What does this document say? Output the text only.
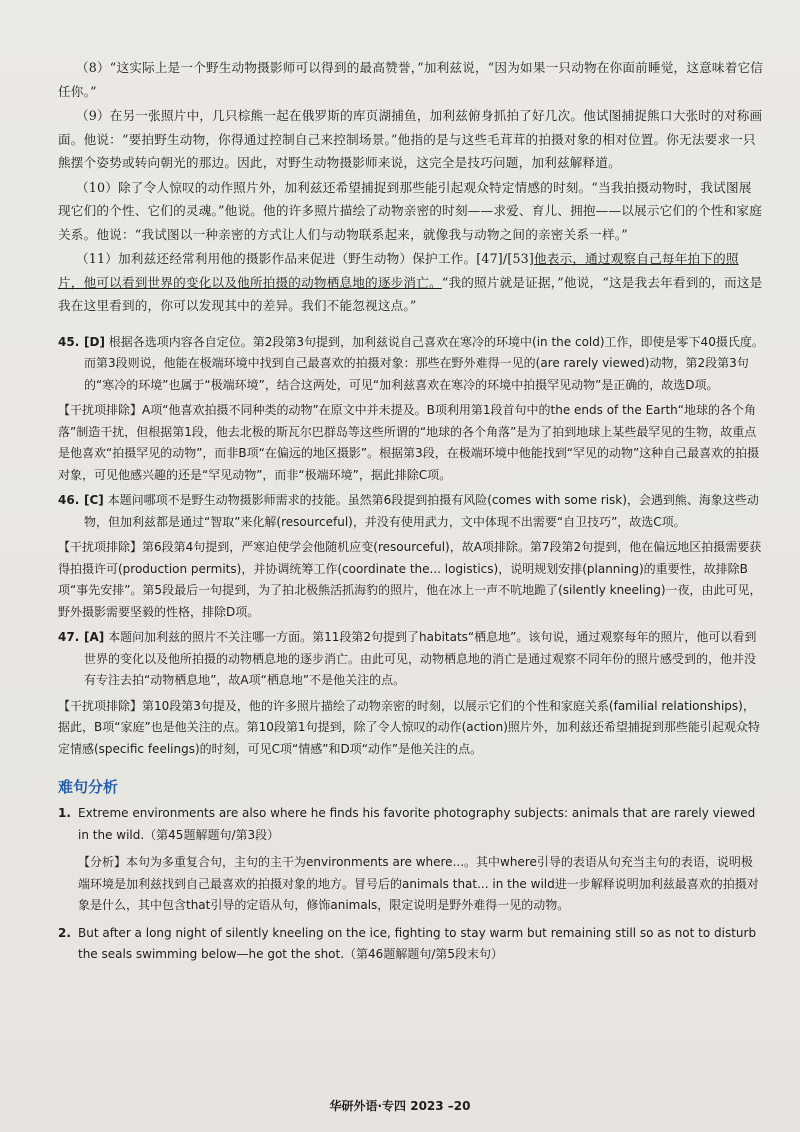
（8）“这实际上是一个野生动物摄影师可以得到的最高赞誉，”加利兹说，“因为如果一只动物在你面前睡觉，这意味着它信任你。”

（9）在另一张照片中，几只棕熊一起在俄罗斯的库页湖捕鱼，加利兹俯身抓拍了好几次。他试图捕捉熊口大张时的对称画面。他说：“要拍野生动物，你得通过控制自己来控制场景。”他指的是与这些毛茸茸的拍摄对象的相对位置。你无法要求一只熊摆个姿势或转向朝光的那边。因此，对野生动物摄影师来说，这完全是技巧问题，加利兹解释道。

（10）除了令人惊叹的动作照片外，加利兹还希望捕捉到那些能引起观众特定情感的时刻。“当我拍摄动物时，我试图展现它们的个性、它们的灵魂。”他说。他的许多照片描绘了动物亲密的时刻——求爱、育儿、拥抱——以展示它们的个性和家庭关系。他说：“我试图以一种亲密的方式让人们与动物联系起来，就像我与动物之间的亲密关系一样。”

（11）加利兹还经常利用他的摄影作品来促进（野生动物）保护工作。[47]/[53]他表示，通过观察自己每年拍下的照片，他可以看到世界的变化以及他所拍摄的动物栖息地的逐步消亡。“我的照片就是证据，”他说，“这是我去年看到的，而这是我在这里看到的，你可以发现其中的差异。我们不能忽视这点。”

45. [D] 根据各选项内容各自定位。第2段第3句提到，加利兹说自己喜欢在寒冷的环境中(in the cold)工作，即使是零下40摄氏度。而第3段则说，他能在极端环境中找到自己最喜欢的拍摄对象：那些在野外难得一见的(are rarely viewed)动物，第2段第3句的“寒冷的环境”也属于“极端环境”，结合这两处，可见“加利兹喜欢在寒冷的环境中拍摄罕见动物”是正确的，故选D项。
【干扰项排除】A项“他喜欢拍摄不同种类的动物”在原文中并未提及。B项利用第1段首句中的the ends of the Earth“地球的各个角落”制造干扰，但根据第1段，他去北极的斯瓦尔巴群岛等这些所谓的“地球的各个角落”是为了拍到地球上某些最罕见的生物，故重点是他喜欢“拍摄罕见的动物”，而非B项“在偏远的地区摄影”。根据第3段，在极端环境中他能找到“罕见的动物”这种自己最喜欢的拍摄对象，可见他感兴趣的还是“罕见动物”，而非“极端环境”，据此排除C项。
46. [C] 本题问哪项不是野生动物摄影师需求的技能。虽然第6段提到拍摄有风险(comes with some risk)，会遇到熊、海象这些动物，但加利兹都是通过“智取”来化解(resourceful)，并没有使用武力，文中体现不出需要“自卫技巧”，故选C项。
【干扰项排除】第6段第4句提到，严寒迫使学会他随机应变(resourceful)，故A项排除。第7段第2句提到，他在偏远地区拍摄需要获得拍摄许可(production permits)，并协调统筹工作(coordinate the... logistics)，说明规划安排(planning)的重要性，故排除B项“事先安排”。第5段最后一句提到，为了拍北极熊活抓海豹的照片，他在冰上一声不吭地跪了(silently kneeling)一夜，由此可见，野外摄影需要坚毅的性格，排除D项。
47. [A] 本题问加利兹的照片不关注哪一方面。第11段第2句提到了habitats“栖息地”。该句说，通过观察每年的照片，他可以看到世界的变化以及他所拍摄的动物栖息地的逐步消亡。由此可见，动物栖息地的消亡是通过观察不同年份的照片感受到的，他并没有专注去拍“动物栖息地”，故A项“栖息地”不是他关注的点。
【干扰项排除】第10段第3句提及，他的许多照片描绘了动物亲密的时刻，以展示它们的个性和家庭关系(familial relationships)，据此，B项“家庭”也是他关注的点。第10段第1句提到，除了令人惊叹的动作(action)照片外，加利兹还希望捕捉到那些能引起观众特定情感(specific feelings)的时刻，可见C项“情感”和D项“动作”是他关注的点。
难句分析
1. Extreme environments are also where he finds his favorite photography subjects: animals that are rarely viewed in the wild.（第45题解题句/第3段）
【分析】本句为多重复合句，主句的主干为environments are where...。其中where引导的表语从句充当主句的表语，说明极端环境是加利兹找到自己最喜欢的拍摄对象的地方。冒号后的animals that... in the wild进一步解释说明加利兹最喜欢的拍摄对象是什么，其中包含that引导的定语从句，修饰animals，限定说明是野外难得一见的动物。
2. But after a long night of silently kneeling on the ice, fighting to stay warm but remaining still so as not to disturb the seals swimming below—he got the shot.（第46题解题句/第5段末句）
华研外语·专四 2023 –20
